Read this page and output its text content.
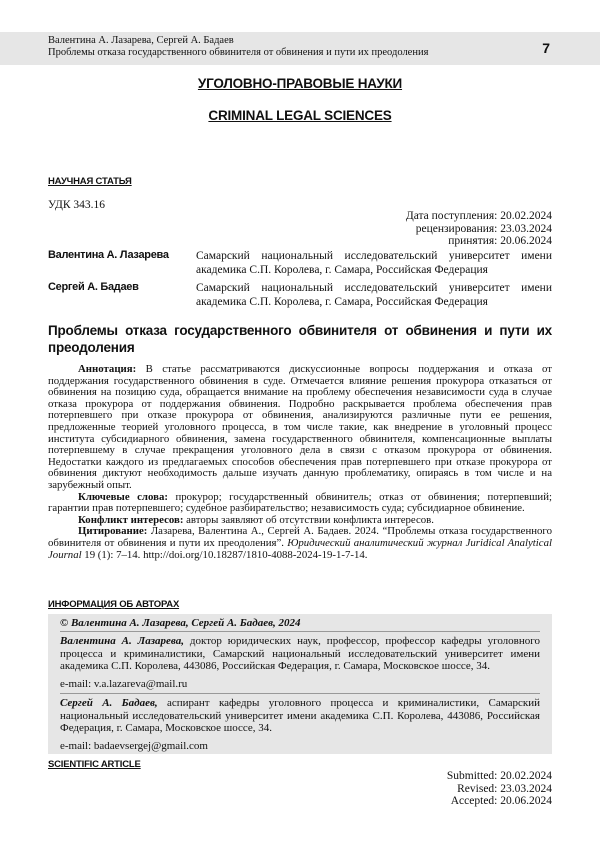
Валентина А. Лазарева, Сергей А. Бадаев
Проблемы отказа государственного обвинителя от обвинения и пути их преодоления	7
УГОЛОВНО-ПРАВОВЫЕ НАУКИ
CRIMINAL LEGAL SCIENCES
НАУЧНАЯ СТАТЬЯ
УДК 343.16
Дата поступления: 20.02.2024
рецензирования: 23.03.2024
принятия: 20.06.2024
Валентина А. Лазарева	Самарский национальный исследовательский университет имени академика С.П. Королева, г. Самара, Российская Федерация
Сергей А. Бадаев	Самарский национальный исследовательский университет имени академика С.П. Королева, г. Самара, Российская Федерация
Проблемы отказа государственного обвинителя от обвинения и пути их преодоления

Аннотация: В статье рассматриваются дискуссионные вопросы поддержания и отказа от поддержания государственного обвинения в суде. Отмечается влияние решения прокурора отказаться от обвинения на позицию суда, обращается внимание на проблему обеспечения независимости суда в случае отказа прокурора от поддержания обвинения. Подробно раскрывается проблема обеспечения прав потерпевшего при отказе прокурора от обвинения, анализируются различные пути ее решения, предложенные теорией уголовного процесса, в том числе такие, как внедрение в уголовный процесс института субсидиарного обвинения, замена государственного обвинителя, компенсационные выплаты потерпевшему в случае прекращения уголовного дела в связи с отказом прокурора от обвинения. Недостатки каждого из предлагаемых способов обеспечения прав потерпевшего при отказе прокурора от обвинения диктуют необходимость дальше изучать данную проблематику, опираясь в том числе и на зарубежный опыт.

Ключевые слова: прокурор; государственный обвинитель; отказ от обвинения; потерпевший; гарантии прав потерпевшего; судебное разбирательство; независимость суда; субсидиарное обвинение.

Конфликт интересов: авторы заявляют об отсутствии конфликта интересов.

Цитирование: Лазарева, Валентина А., Сергей А. Бадаев. 2024. “Проблемы отказа государственного обвинителя от обвинения и пути их преодоления”. Юридический аналитический журнал Juridical Analytical Journal 19 (1): 7–14. http://doi.org/10.18287/1810-4088-2024-19-1-7-14.

ИНФОРМАЦИЯ ОБ АВТОРАХ

© Валентина А. Лазарева, Сергей А. Бадаев, 2024

Валентина А. Лазарева, доктор юридических наук, профессор, профессор кафедры уголовного процесса и криминалистики, Самарский национальный исследовательский университет имени академика С.П. Королева, 443086, Российская Федерация, г. Самара, Московское шоссе, 34.

e-mail: v.a.lazareva@mail.ru

Сергей А. Бадаев, аспирант кафедры уголовного процесса и криминалистики, Самарский национальный исследовательский университет имени академика С.П. Королева, 443086, Российская Федерация, г. Самара, Московское шоссе, 34.

e-mail: badaevsergej@gmail.com

SCIENTIFIC ARTICLE
Submitted: 20.02.2024
Revised: 23.03.2024
Accepted: 20.06.2024
